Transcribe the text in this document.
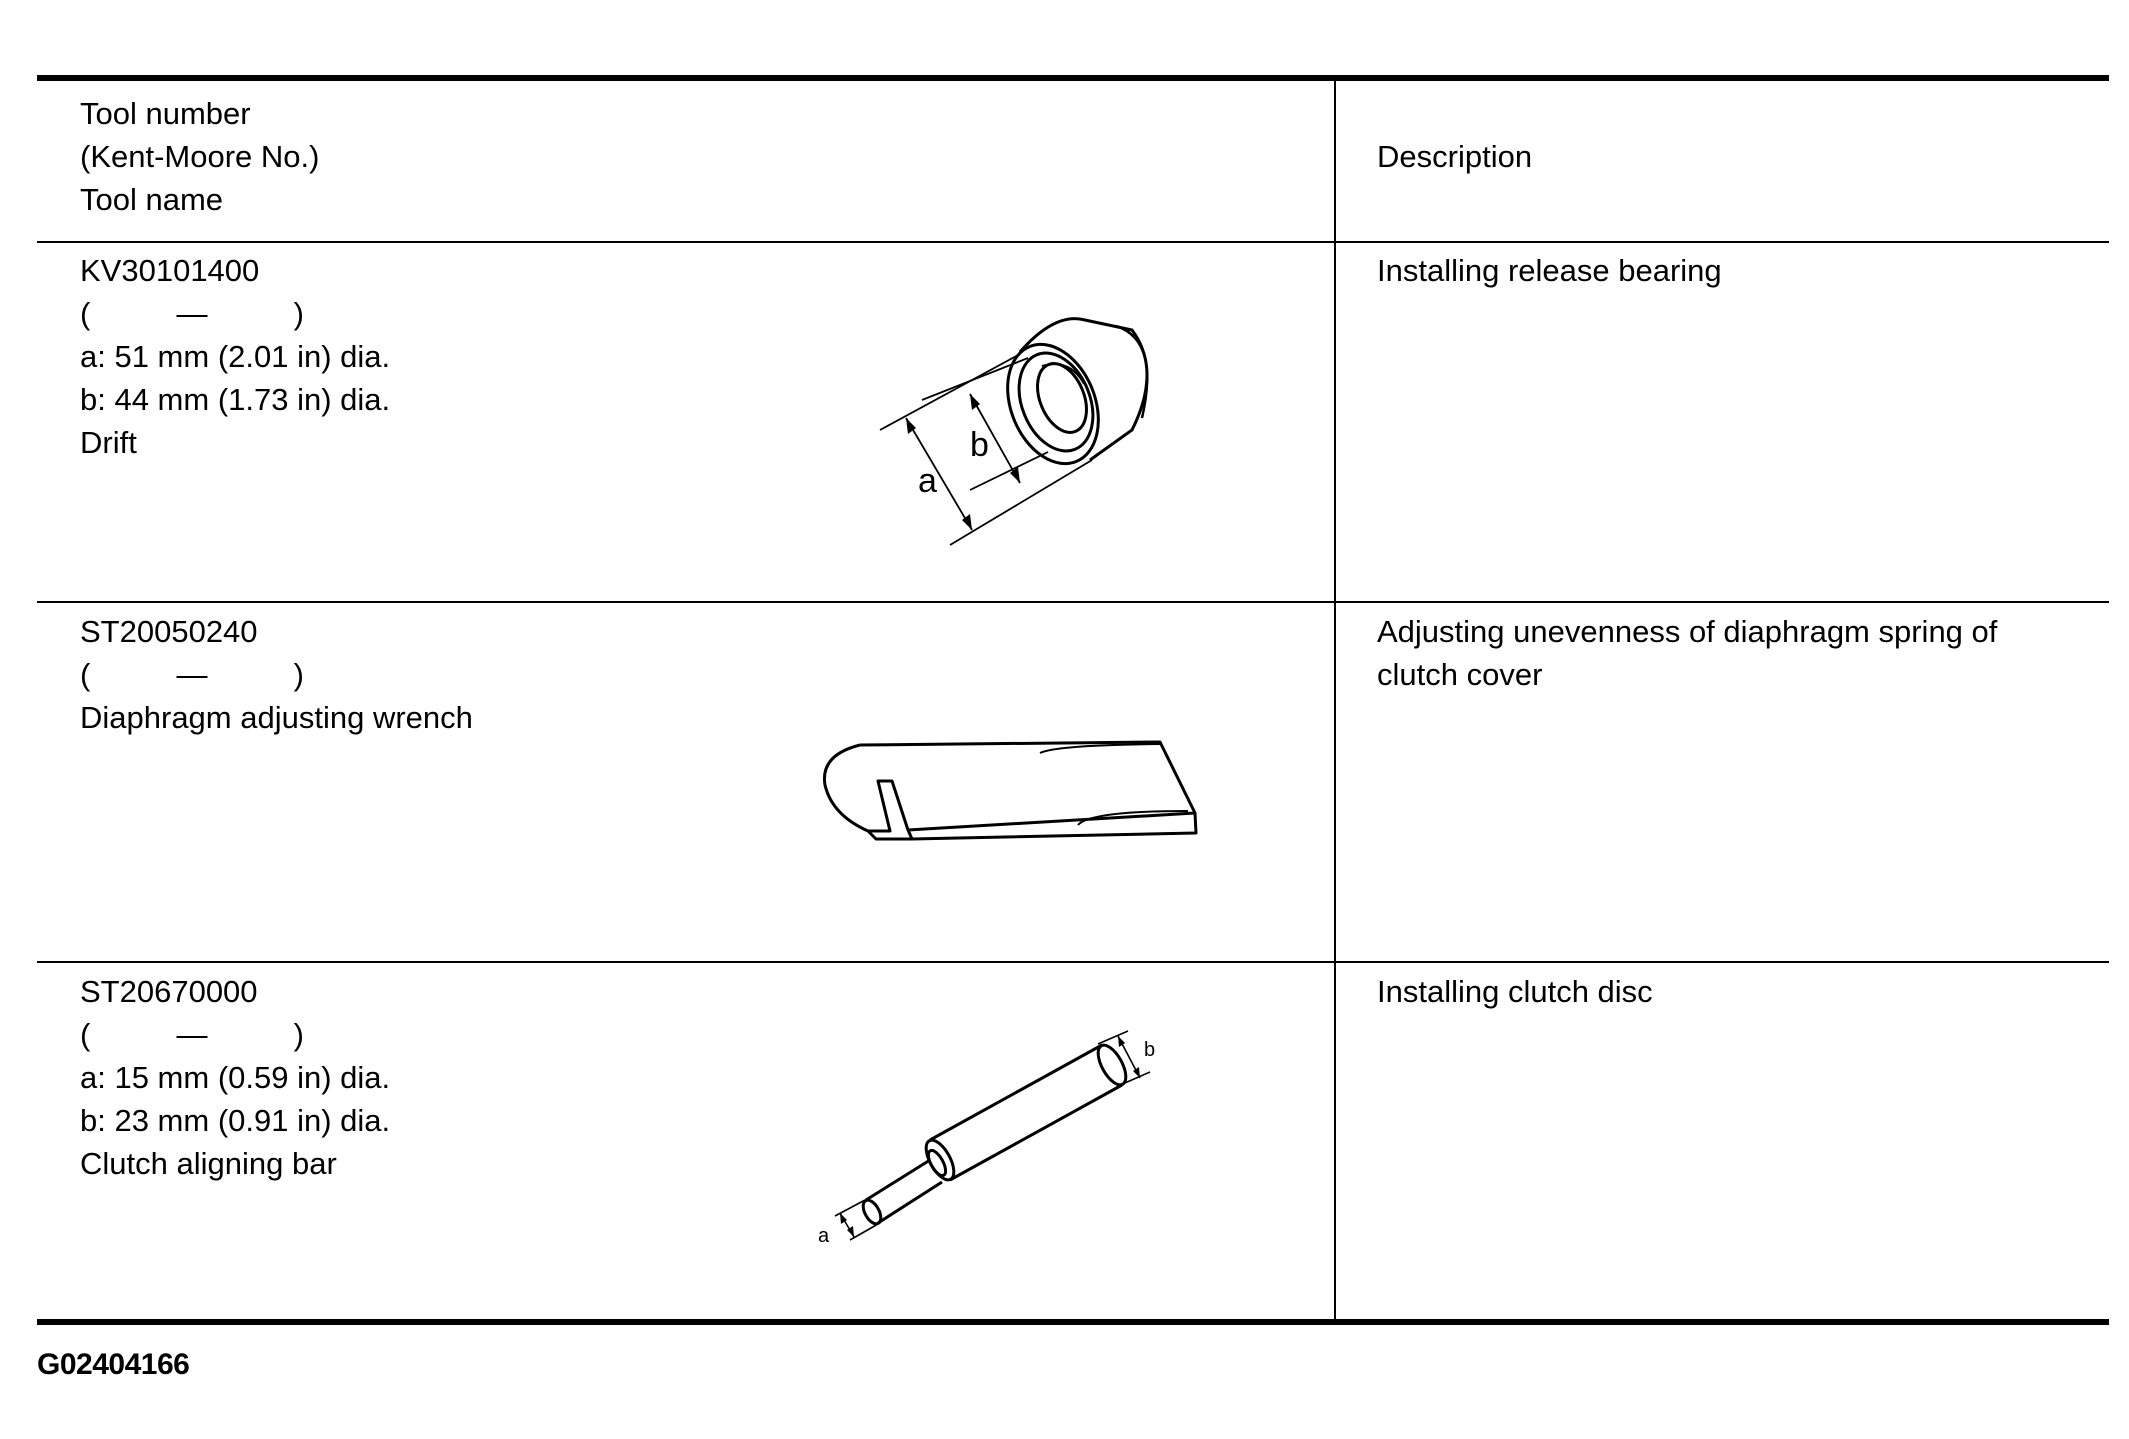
Tool number
(Kent-Moore No.)
Tool name
Description
KV30101400
(          —          )
a: 51 mm (2.01 in) dia.
b: 44 mm (1.73 in) dia.
Drift
Installing release bearing
a
b
ST20050240
(          —          )
Diaphragm adjusting wrench
Adjusting unevenness of diaphragm spring of
clutch cover
ST20670000
(          —          )
a: 15 mm (0.59 in) dia.
b: 23 mm (0.91 in) dia.
Clutch aligning bar
Installing clutch disc
a
b
G02404166
